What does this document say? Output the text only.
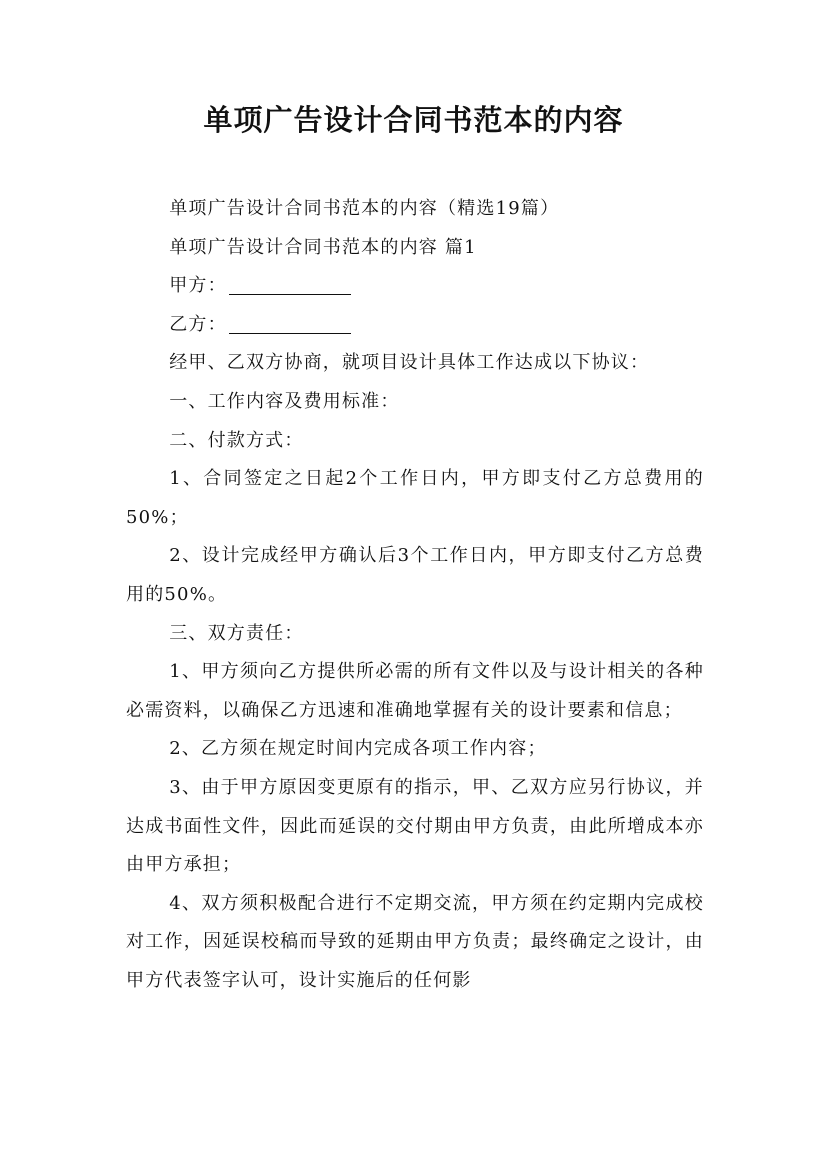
单项广告设计合同书范本的内容

单项广告设计合同书范本的内容（精选19篇）

单项广告设计合同书范本的内容 篇1

甲方：

乙方：

经甲、乙双方协商，就项目设计具体工作达成以下协议：

一、工作内容及费用标准：

二、付款方式：

1、合同签定之日起2个工作日内，甲方即支付乙方总费用的50%；

2、设计完成经甲方确认后3个工作日内，甲方即支付乙方总费用的50%。

三、双方责任：

1、甲方须向乙方提供所必需的所有文件以及与设计相关的各种必需资料，以确保乙方迅速和准确地掌握有关的设计要素和信息；

2、乙方须在规定时间内完成各项工作内容；

3、由于甲方原因变更原有的指示，甲、乙双方应另行协议，并达成书面性文件，因此而延误的交付期由甲方负责，由此所增成本亦由甲方承担；

4、双方须积极配合进行不定期交流，甲方须在约定期内完成校对工作，因延误校稿而导致的延期由甲方负责；最终确定之设计，由甲方代表签字认可，设计实施后的任何影
